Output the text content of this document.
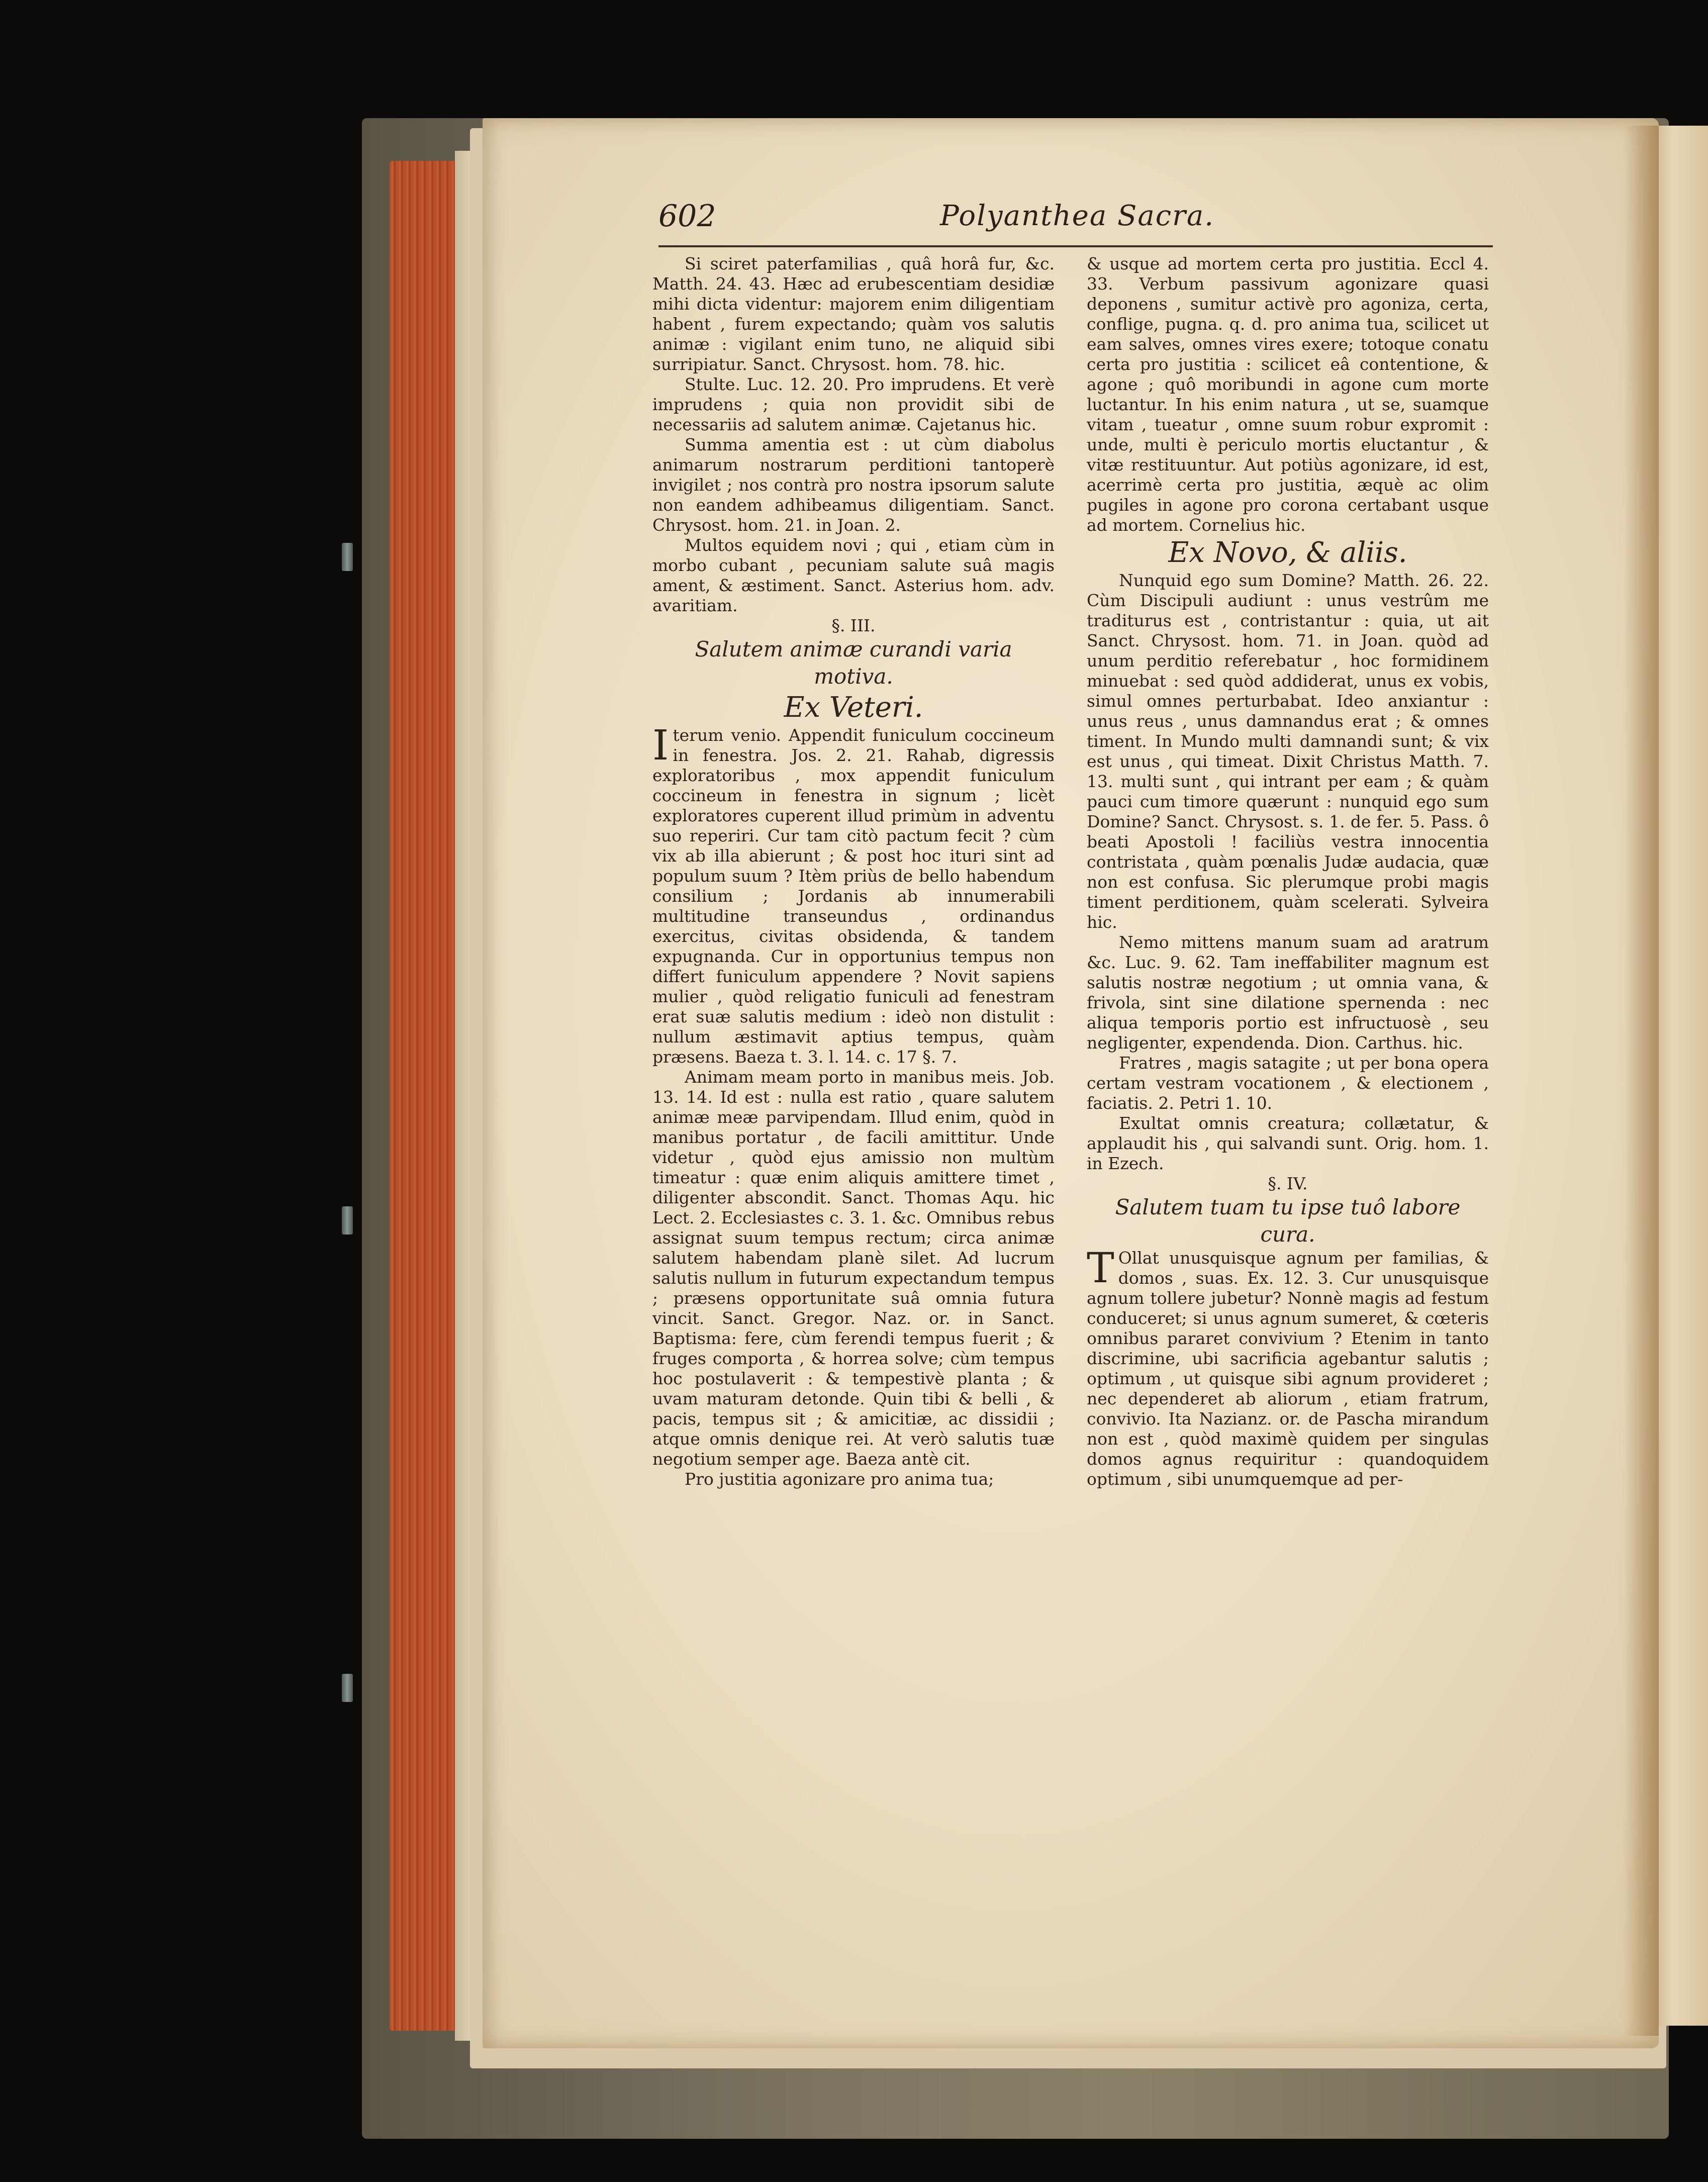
602	Polyanthea Sacra.

Si sciret paterfamilias , quâ horâ fur, &c. Matth. 24. 43. Hæc ad erubescentiam desidiæ mihi dicta videntur: majorem enim diligentiam habent , furem expectando; quàm vos salutis animæ : vigilant enim tuno, ne aliquid sibi surripiatur. Sanct. Chrysost. hom. 78. hic.

Stulte. Luc. 12. 20. Pro imprudens. Et verè imprudens ; quia non providit sibi de necessariis ad salutem animæ. Cajetanus hic.

Summa amentia est : ut cùm diabolus animarum nostrarum perditioni tantoperè invigilet ; nos contrà pro nostra ipsorum salute non eandem adhibeamus diligentiam. Sanct. Chrysost. hom. 21. in Joan. 2.

Multos equidem novi ; qui , etiam cùm in morbo cubant , pecuniam salute suâ magis ament, & æstiment. Sanct. Asterius hom. adv. avaritiam.

§. III.

Salutem animæ curandi varia motiva.

Ex Veteri.

Iterum venio. Appendit funiculum coccineum in fenestra. Jos. 2. 21. Rahab, digressis exploratoribus , mox appendit funiculum coccineum in fenestra in signum ; licèt exploratores cuperent illud primùm in adventu suo reperiri. Cur tam citò pactum fecit ? cùm vix ab illa abierunt ; & post hoc ituri sint ad populum suum ? Itèm priùs de bello habendum consilium ; Jordanis ab innumerabili multitudine transeundus , ordinandus exercitus, civitas obsidenda, & tandem expugnanda. Cur in opportunius tempus non differt funiculum appendere ? Novit sapiens mulier , quòd religatio funiculi ad fenestram erat suæ salutis medium : ideò non distulit : nullum æstimavit aptius tempus, quàm præsens. Baeza t. 3. l. 14. c. 17 §. 7.

Animam meam porto in manibus meis. Job. 13. 14. Id est : nulla est ratio , quare salutem animæ meæ parvipendam. Illud enim, quòd in manibus portatur , de facili amittitur. Unde videtur , quòd ejus amissio non multùm timeatur : quæ enim aliquis amittere timet , diligenter abscondit. Sanct. Thomas Aqu. hic Lect. 2. Ecclesiastes c. 3. 1. &c. Omnibus rebus assignat suum tempus rectum; circa animæ salutem habendam planè silet. Ad lucrum salutis nullum in futurum expectandum tempus ; præsens opportunitate suâ omnia futura vincit. Sanct. Gregor. Naz. or. in Sanct. Baptisma: fere, cùm ferendi tempus fuerit ; & fruges comporta , & horrea solve; cùm tempus hoc postulaverit : & tempestivè planta ; & uvam maturam detonde. Quin tibi & belli , & pacis, tempus sit ; & amicitiæ, ac dissidii ; atque omnis denique rei. At verò salutis tuæ negotium semper age. Baeza antè cit.

Pro justitia agonizare pro anima tua;

& usque ad mortem certa pro justitia. Eccl 4. 33. Verbum passivum agonizare quasi deponens , sumitur activè pro agoniza, certa, conflige, pugna. q. d. pro anima tua, scilicet ut eam salves, omnes vires exere; totoque conatu certa pro justitia : scilicet eâ contentione, & agone ; quô moribundi in agone cum morte luctantur. In his enim natura , ut se, suamque vitam , tueatur , omne suum robur expromit : unde, multi è periculo mortis eluctantur , & vitæ restituuntur. Aut potiùs agonizare, id est, acerrimè certa pro justitia, æquè ac olim pugiles in agone pro corona certabant usque ad mortem. Cornelius hic.

Ex Novo, & aliis.

Nunquid ego sum Domine? Matth. 26. 22. Cùm Discipuli audiunt : unus vestrûm me traditurus est , contristantur : quia, ut ait Sanct. Chrysost. hom. 71. in Joan. quòd ad unum perditio referebatur , hoc formidinem minuebat : sed quòd addiderat, unus ex vobis, simul omnes perturbabat. Ideo anxiantur : unus reus , unus damnandus erat ; & omnes timent. In Mundo multi damnandi sunt; & vix est unus , qui timeat. Dixit Christus Matth. 7. 13. multi sunt , qui intrant per eam ; & quàm pauci cum timore quærunt : nunquid ego sum Domine? Sanct. Chrysost. s. 1. de fer. 5. Pass. ô beati Apostoli ! faciliùs vestra innocentia contristata , quàm pœnalis Judæ audacia, quæ non est confusa. Sic plerumque probi magis timent perditionem, quàm scelerati. Sylveira hic.

Nemo mittens manum suam ad aratrum &c. Luc. 9. 62. Tam ineffabiliter magnum est salutis nostræ negotium ; ut omnia vana, & frivola, sint sine dilatione spernenda : nec aliqua temporis portio est infructuosè , seu negligenter, expendenda. Dion. Carthus. hic.

Fratres , magis satagite ; ut per bona opera certam vestram vocationem , & electionem , faciatis. 2. Petri 1. 10.

Exultat omnis creatura; collætatur, & applaudit his , qui salvandi sunt. Orig. hom. 1. in Ezech.

§. IV.

Salutem tuam tu ipse tuô labore cura.

T Ollat unusquisque agnum per familias, & domos , suas. Ex. 12. 3. Cur unusquisque agnum tollere jubetur? Nonnè magis ad festum conduceret; si unus agnum sumeret, & cœteris omnibus pararet convivium ? Etenim in tanto discrimine, ubi sacrificia agebantur salutis ; optimum , ut quisque sibi agnum provideret ; nec dependeret ab aliorum , etiam fratrum, convivio. Ita Nazianz. or. de Pascha mirandum non est , quòd maximè quidem per singulas domos agnus requiritur : quandoquidem optimum , sibi unumquemque ad per-
